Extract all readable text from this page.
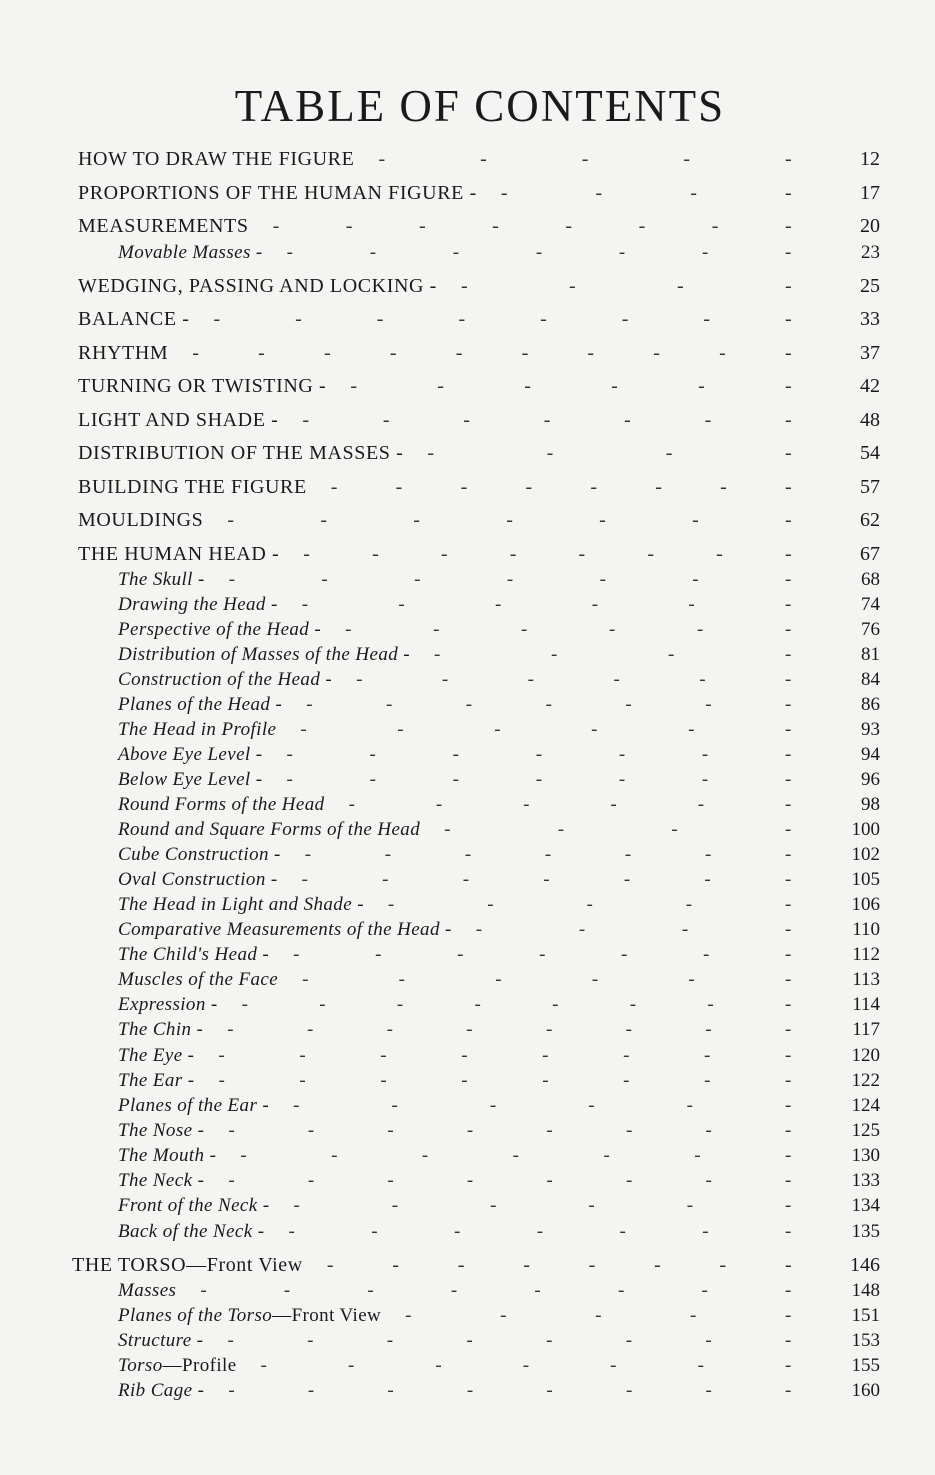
TABLE OF CONTENTS
HOW TO DRAW THE FIGURE	12
-	-	-	-	-
PROPORTIONS OF THE HUMAN FIGURE -	17
-	-	-	-
MEASUREMENTS	20
-	-	-	-	-	-	-	-
Movable Masses -	23
-	-	-	-	-	-	-
WEDGING, PASSING AND LOCKING -	25
-	-	-	-
BALANCE -	33
-	-	-	-	-	-	-	-
RHYTHM	37
-	-	-	-	-	-	-	-	-	-
TURNING OR TWISTING -	42
-	-	-	-	-	-
LIGHT AND SHADE -	48
-	-	-	-	-	-	-
DISTRIBUTION OF THE MASSES -	54
-	-	-	-
BUILDING THE FIGURE	57
-	-	-	-	-	-	-	-
MOULDINGS	62
-	-	-	-	-	-	-
THE HUMAN HEAD -	67
-	-	-	-	-	-	-	-
The Skull -	68
-	-	-	-	-	-	-
Drawing the Head -	74
-	-	-	-	-	-
Perspective of the Head -	76
-	-	-	-	-	-
Distribution of Masses of the Head -	81
-	-	-	-
Construction of the Head -	84
-	-	-	-	-	-
Planes of the Head -	86
-	-	-	-	-	-	-
The Head in Profile	93
-	-	-	-	-	-
Above Eye Level -	94
-	-	-	-	-	-	-
Below Eye Level -	96
-	-	-	-	-	-	-
Round Forms of the Head	98
-	-	-	-	-	-
Round and Square Forms of the Head	100
-	-	-	-
Cube Construction -	102
-	-	-	-	-	-	-
Oval Construction -	105
-	-	-	-	-	-	-
The Head in Light and Shade -	106
-	-	-	-	-
Comparative Measurements of the Head -	110
-	-	-	-
The Child's Head -	112
-	-	-	-	-	-	-
Muscles of the Face	113
-	-	-	-	-	-
Expression -	114
-	-	-	-	-	-	-	-
The Chin -	117
-	-	-	-	-	-	-	-
The Eye -	120
-	-	-	-	-	-	-	-
The Ear -	122
-	-	-	-	-	-	-	-
Planes of the Ear -	124
-	-	-	-	-	-
The Nose -	125
-	-	-	-	-	-	-	-
The Mouth -	130
-	-	-	-	-	-	-
The Neck -	133
-	-	-	-	-	-	-	-
Front of the Neck -	134
-	-	-	-	-	-
Back of the Neck -	135
-	-	-	-	-	-	-
THE TORSO—Front View	146
-	-	-	-	-	-	-	-
Masses	148
-	-	-	-	-	-	-	-
Planes of the Torso—Front View	151
-	-	-	-	-
Structure -	153
-	-	-	-	-	-	-	-
Torso—Profile	155
-	-	-	-	-	-	-
Rib Cage -	160
-	-	-	-	-	-	-	-
